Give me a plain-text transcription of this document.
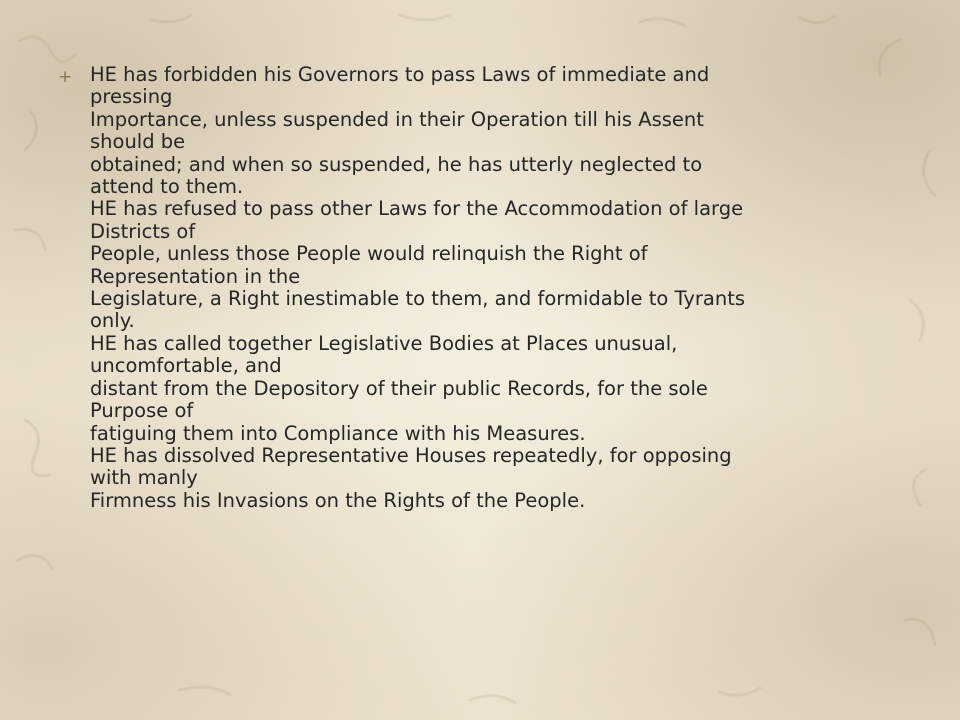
+ HE has forbidden his Governors to pass Laws of immediate and
pressing
Importance, unless suspended in their Operation till his Assent
should be
obtained; and when so suspended, he has utterly neglected to
attend to them.
HE has refused to pass other Laws for the Accommodation of large
Districts of
People, unless those People would relinquish the Right of
Representation in the
Legislature, a Right inestimable to them, and formidable to Tyrants
only.
HE has called together Legislative Bodies at Places unusual,
uncomfortable, and
distant from the Depository of their public Records, for the sole
Purpose of
fatiguing them into Compliance with his Measures.
HE has dissolved Representative Houses repeatedly, for opposing
with manly
Firmness his Invasions on the Rights of the People.
